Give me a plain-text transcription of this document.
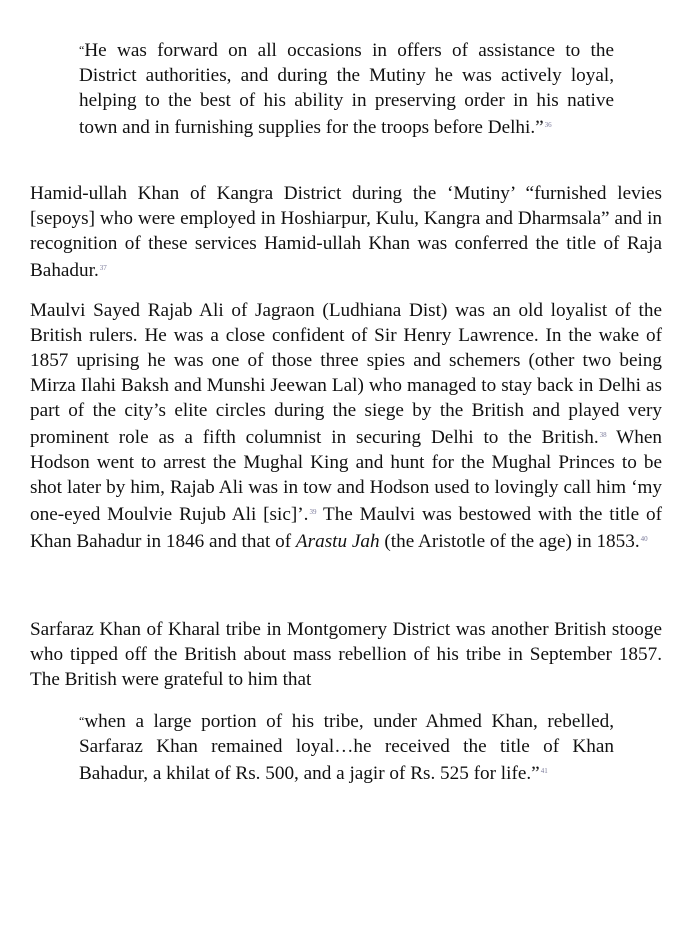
“He was forward on all occasions in offers of assistance to the District authorities, and during the Mutiny he was actively loyal, helping to the best of his ability in preserving order in his native town and in furnishing supplies for the troops before Delhi.”$^{36}$

Hamid-ullah Khan of Kangra District during the ‘Mutiny’ “furnished levies [sepoys] who were employed in Hoshiarpur, Kulu, Kangra and Dharmsala” and in recognition of these services Hamid-ullah Khan was conferred the title of Raja Bahadur.$^{37}$

Maulvi Sayed Rajab Ali of Jagraon (Ludhiana Dist) was an old loyalist of the British rulers. He was a close confident of Sir Henry Lawrence. In the wake of 1857 uprising he was one of those three spies and schemers (other two being Mirza Ilahi Baksh and Munshi Jeewan Lal) who managed to stay back in Delhi as part of the city’s elite circles during the siege by the British and played very prominent role as a fifth columnist in securing Delhi to the British.$^{38}$ When Hodson went to arrest the Mughal King and hunt for the Mughal Princes to be shot later by him, Rajab Ali was in tow and Hodson used to lovingly call him ‘my one-eyed Moulvie Rujub Ali [sic]’.$^{39}$ The Maulvi was bestowed with the title of Khan Bahadur in 1846 and that of Arastu Jah (the Aristotle of the age) in 1853.40

Sarfaraz Khan of Kharal tribe in Montgomery District was another British stooge who tipped off the British about mass rebellion of his tribe in September 1857. The British were grateful to him that

“when a large portion of his tribe, under Ahmed Khan, rebelled, Sarfaraz Khan remained loyal…he received the title of Khan Bahadur, a khilat of Rs. 500, and a jagir of Rs. 525 for life.”$^{41}$
